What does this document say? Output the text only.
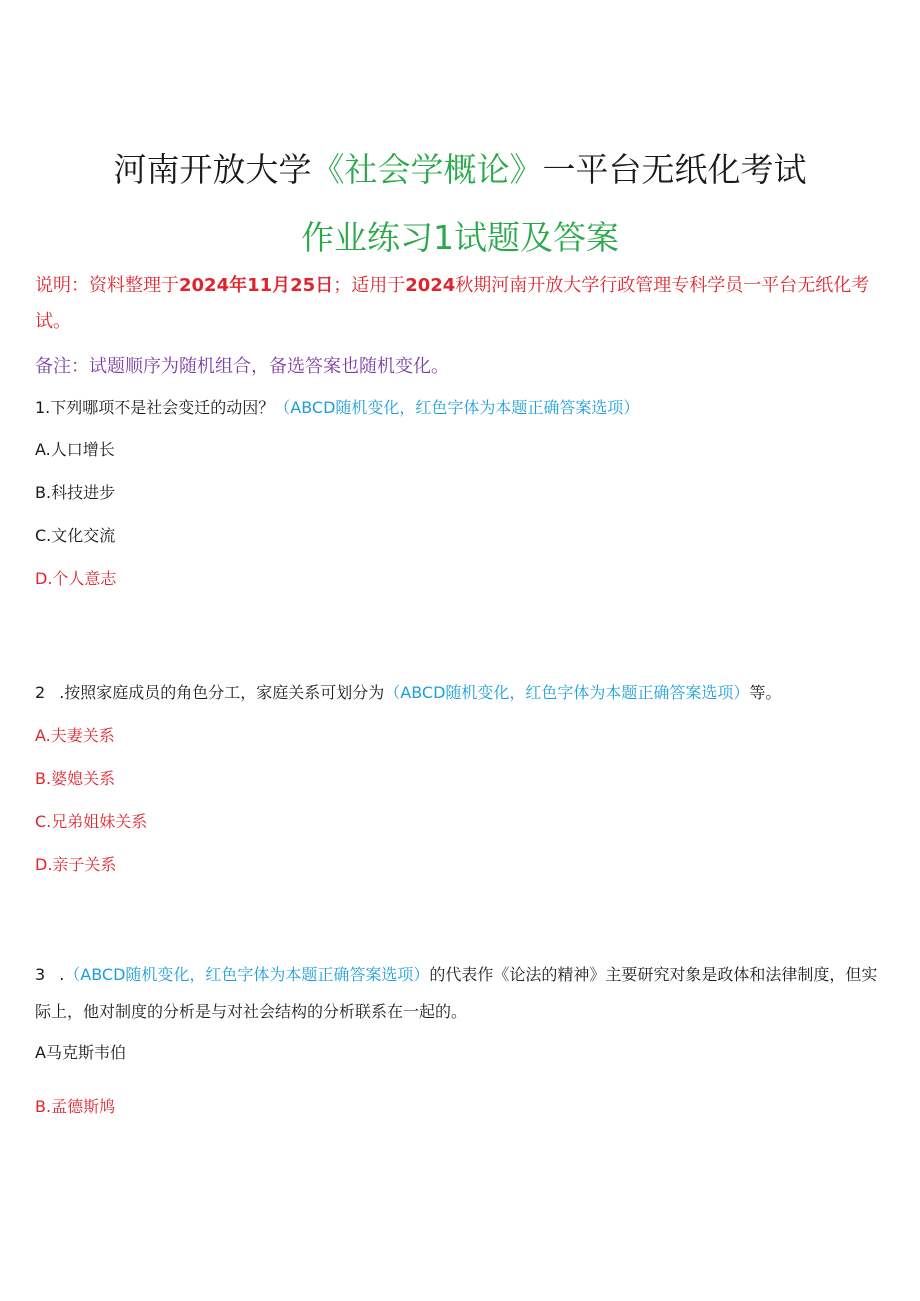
河南开放大学《社会学概论》一平台无纸化考试
作业练习1试题及答案
说明：资料整理于2024年11月25日；适用于2024秋期河南开放大学行政管理专科学员一平台无纸化考试。
备注：试题顺序为随机组合，备选答案也随机变化。
1.下列哪项不是社会变迁的动因？（ABCD随机变化，红色字体为本题正确答案选项）
A.人口增长
B.科技进步
C.文化交流
D.个人意志
2 .按照家庭成员的角色分工，家庭关系可划分为（ABCD随机变化，红色字体为本题正确答案选项）等。
A.夫妻关系
B.婆媳关系
C.兄弟姐妹关系
D.亲子关系
3 .（ABCD随机变化，红色字体为本题正确答案选项）的代表作《论法的精神》主要研究对象是政体和法律制度，但实际上，他对制度的分析是与对社会结构的分析联系在一起的。
A马克斯韦伯
B.孟德斯鸠
